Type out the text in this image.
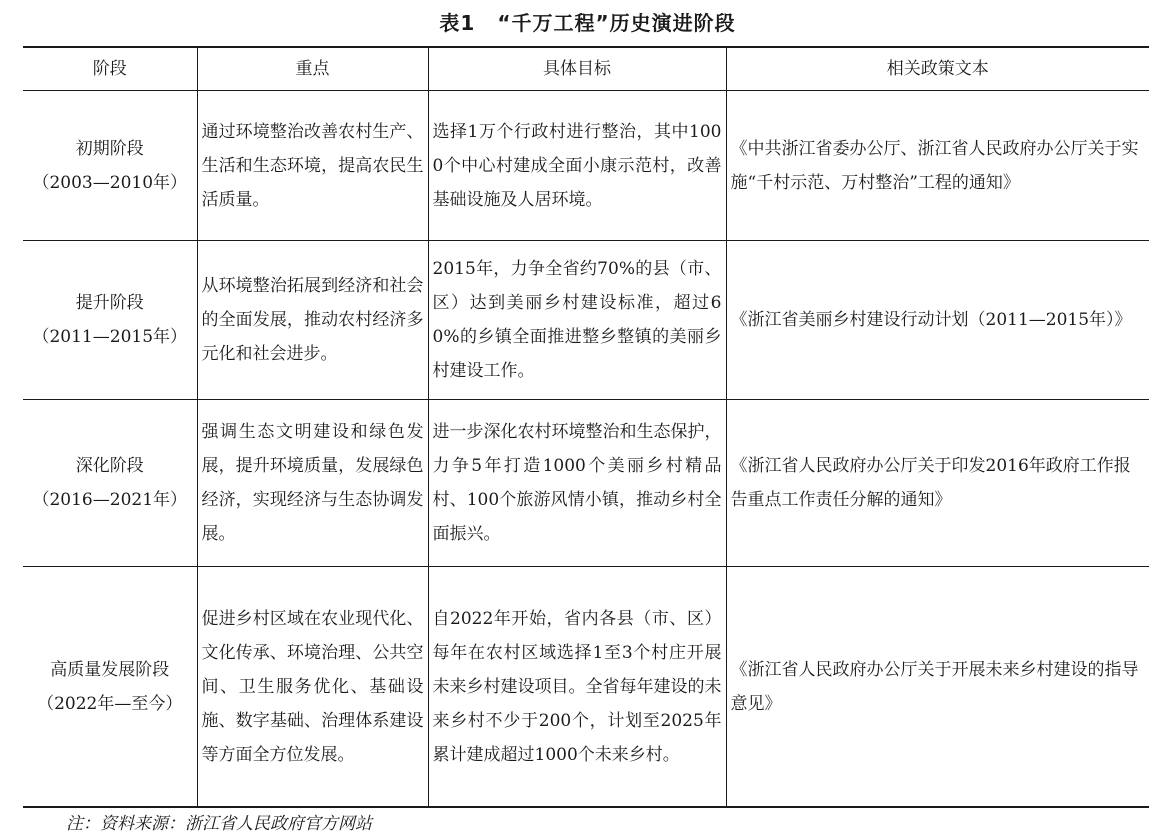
表1 “千万工程”历史演进阶段
阶段	重点	具体目标	相关政策文本

初期阶段
（2003—2010年）	通过环境整治改善农村生产、生活和生态环境，提高农民生活质量。	选择1万个行政村进行整治，其中1000个中心村建成全面小康示范村，改善基础设施及人居环境。	《中共浙江省委办公厅、浙江省人民政府办公厅关于实施“千村示范、万村整治”工程的通知》

提升阶段
（2011—2015年）	从环境整治拓展到经济和社会的全面发展，推动农村经济多元化和社会进步。	2015年，力争全省约70%的县（市、区）达到美丽乡村建设标准，超过60%的乡镇全面推进整乡整镇的美丽乡村建设工作。	《浙江省美丽乡村建设行动计划（2011—2015年）》

深化阶段
（2016—2021年）	强调生态文明建设和绿色发展，提升环境质量，发展绿色经济，实现经济与生态协调发展。	进一步深化农村环境整治和生态保护，力争5年打造1000个美丽乡村精品村、100个旅游风情小镇，推动乡村全面振兴。	《浙江省人民政府办公厅关于印发2016年政府工作报告重点工作责任分解的通知》

高质量发展阶段
（2022年—至今）	促进乡村区域在农业现代化、文化传承、环境治理、公共空间、卫生服务优化、基础设施、数字基础、治理体系建设等方面全方位发展。	自2022年开始，省内各县（市、区）每年在农村区域选择1至3个村庄开展未来乡村建设项目。全省每年建设的未来乡村不少于200个，计划至2025年累计建成超过1000个未来乡村。	《浙江省人民政府办公厅关于开展未来乡村建设的指导意见》
注：资料来源：浙江省人民政府官方网站
